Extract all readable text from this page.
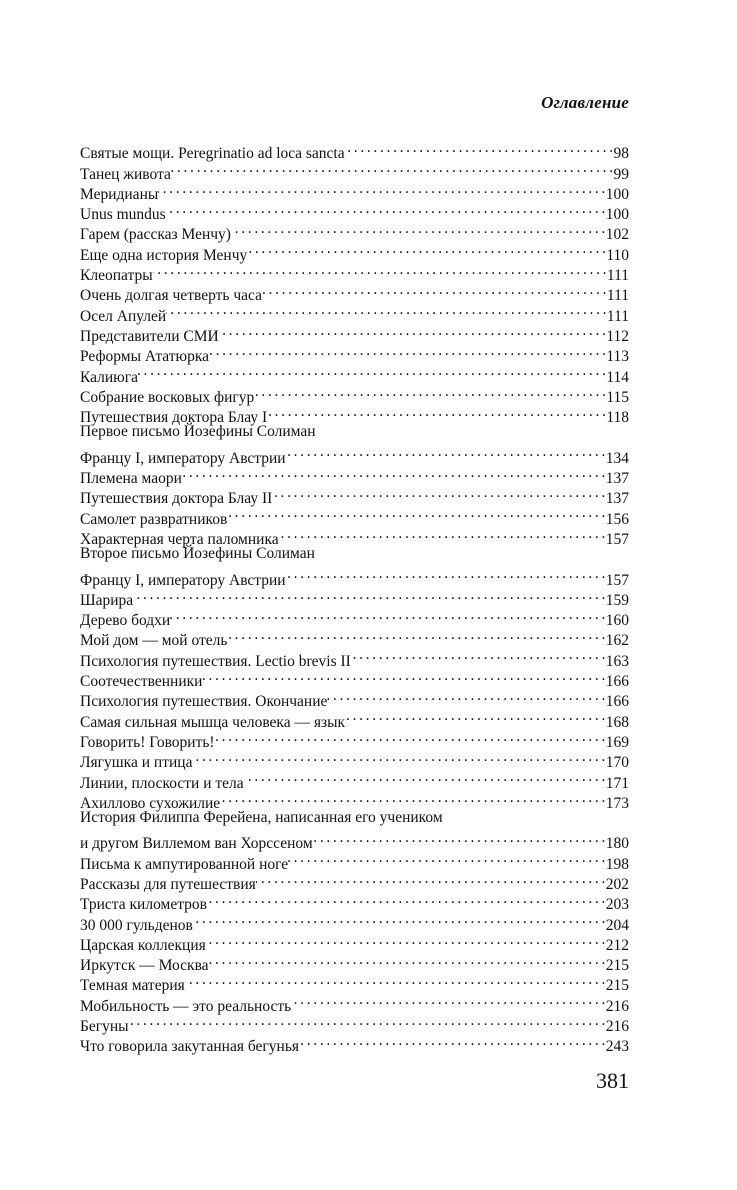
Оглавление
Святые мощи. Peregrinatio ad loca sancta . . .	98
Танец живота . . .	99
Меридианы . . .	100
Unus mundus . . .	100
Гарем (рассказ Менчу) . . .	102
Еще одна история Менчу . . .	110
Клеопатры . . .	111
Очень долгая четверть часа . . .	111
Осел Апулей . . .	111
Представители СМИ . . .	112
Реформы Ататюрка . . .	113
Калиюга . . .	114
Собрание восковых фигур . . .	115
Путешествия доктора Блау I . . .	118
Первое письмо Йозефины Солиман
Францу I, императору Австрии . . .	134
Племена маори . . .	137
Путешествия доктора Блау II . . .	137
Самолет развратников . . .	156
Характерная черта паломника . . .	157
Второе письмо Йозефины Солиман
Францу I, императору Австрии . . .	157
Шарира . . .	159
Дерево бодхи . . .	160
Мой дом — мой отель . . .	162
Психология путешествия. Lectio brevis II . . .	163
Соотечественники . . .	166
Психология путешествия. Окончание . . .	166
Самая сильная мышца человека — язык . . .	168
Говорить! Говорить! . . .	169
Лягушка и птица . . .	170
Линии, плоскости и тела . . .	171
Ахиллово сухожилие . . .	173
История Филиппа Ферейена, написанная его учеником
и другом Виллемом ван Хорссеном . . .	180
Письма к ампутированной ноге . . .	198
Рассказы для путешествия . . .	202
Триста километров . . .	203
30 000 гульденов . . .	204
Царская коллекция . . .	212
Иркутск — Москва . . .	215
Темная материя . . .	215
Мобильность — это реальность . . .	216
Бегуны . . .	216
Что говорила закутанная бегунья . . .	243
381
